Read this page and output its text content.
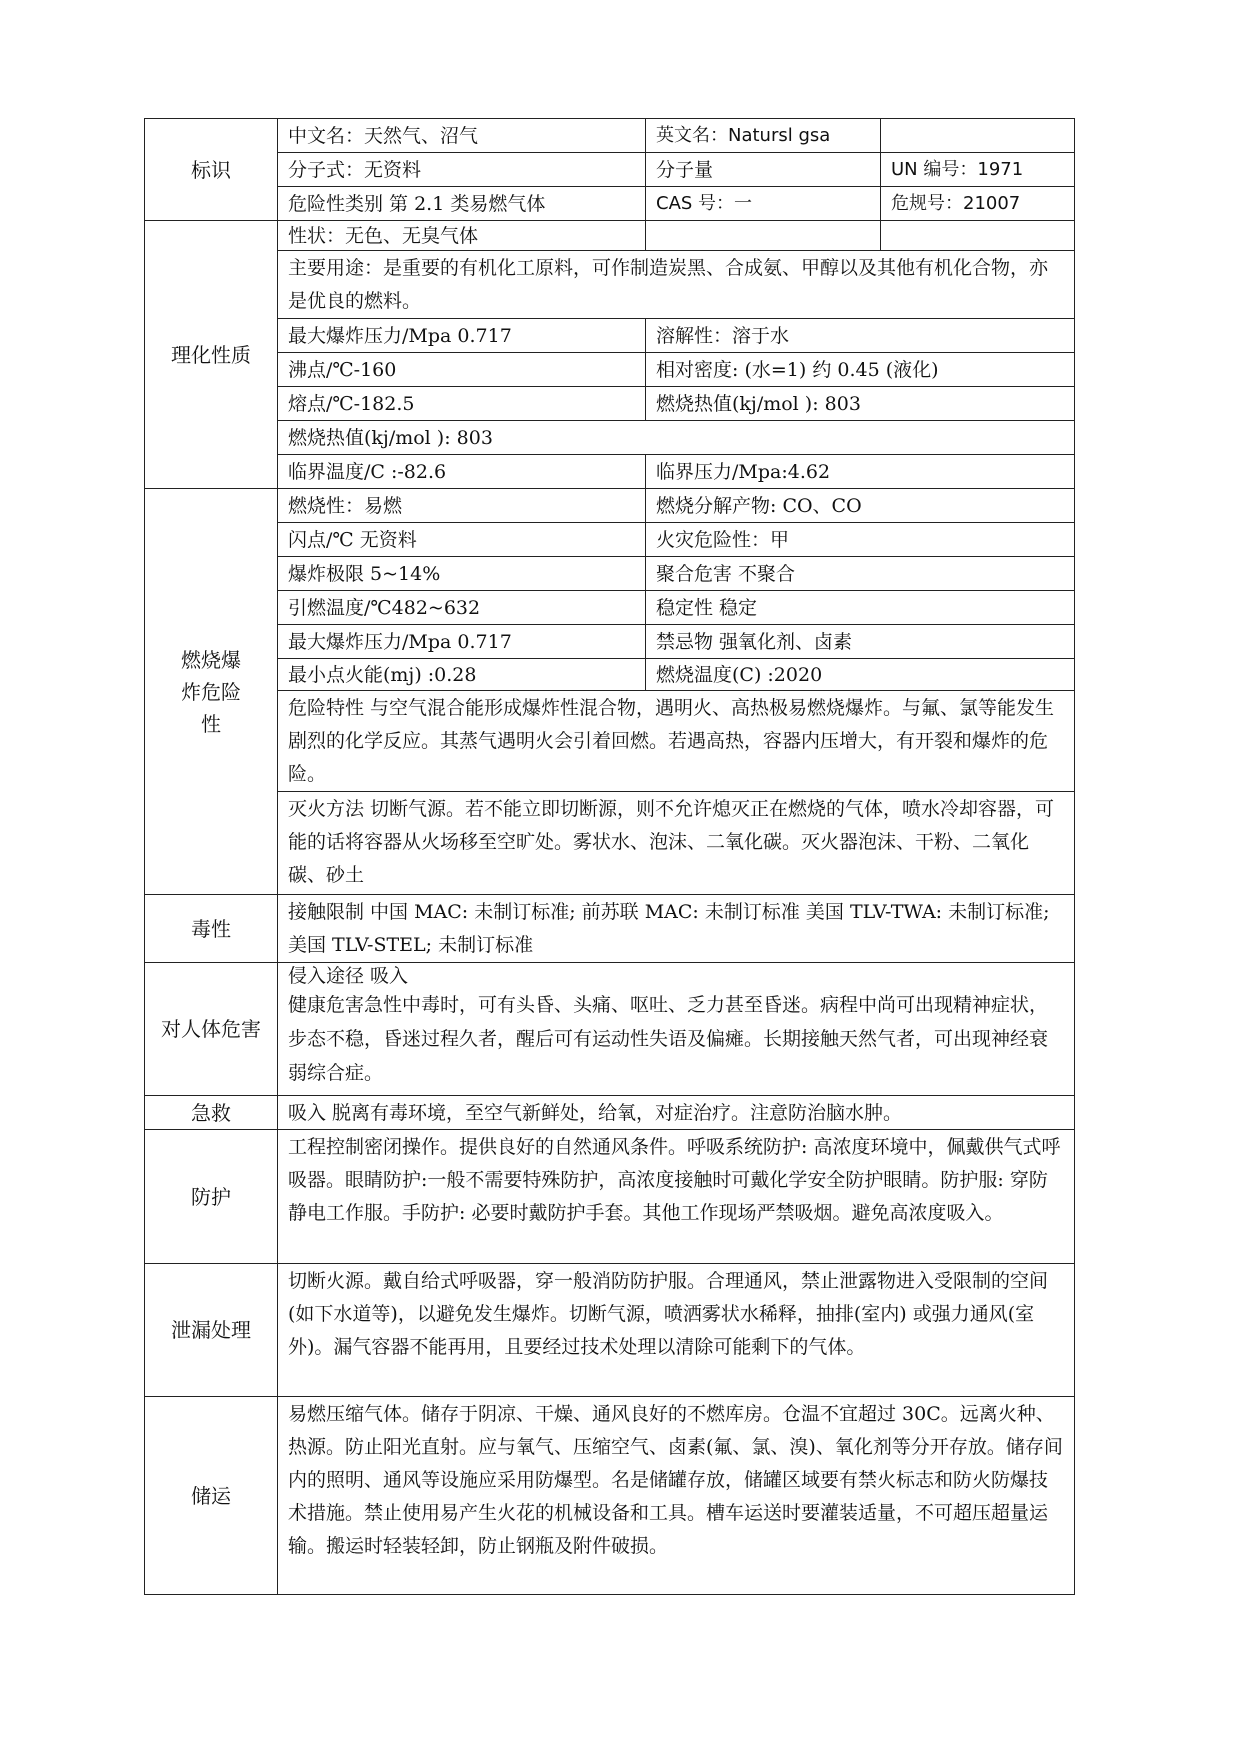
标识	中文名：天然气、沼气	英文名：Natursl gsa	
	分子式：无资料	分子量	UN 编号：1971
	危险性类别 第 2.1 类易燃气体	CAS 号：一	危规号：21007
理化性质	性状：无色、无臭气体		
	主要用途：是重要的有机化工原料，可作制造炭黑、合成氨、甲醇以及其他有机化合物，亦是优良的燃料。		
	最大爆炸压力/Mpa 0.717	溶解性：溶于水	
	沸点/℃-160	相对密度: (水=1) 约 0.45 (液化)	
	熔点/℃-182.5	燃烧热值(kj/mol ): 803	
	燃烧热值(kj/mol ): 803		
	临界温度/C :-82.6	临界压力/Mpa:4.62	

燃烧爆炸危险性	燃烧性：易燃	燃烧分解产物: CO、CO	
	闪点/℃ 无资料	火灾危险性：甲	
	爆炸极限 5~14%	聚合危害 不聚合	
	引燃温度/℃482~632	稳定性 稳定	
	最大爆炸压力/Mpa 0.717	禁忌物 强氧化剂、卤素	
	最小点火能(mj) :0.28	燃烧温度(C) :2020	
	危险特性 与空气混合能形成爆炸性混合物，遇明火、高热极易燃烧爆炸。与氟、氯等能发生剧烈的化学反应。其蒸气遇明火会引着回燃。若遇高热，容器内压增大，有开裂和爆炸的危险。		
	灭火方法 切断气源。若不能立即切断源，则不允许熄灭正在燃烧的气体，喷水冷却容器，可能的话将容器从火场移至空旷处。雾状水、泡沫、二氧化碳。灭火器泡沫、干粉、二氧化碳、砂土		
毒性	接触限制 中国 MAC: 未制订标准; 前苏联 MAC: 未制订标准 美国 TLV-TWA: 未制订标准;美国 TLV-STEL; 未制订标准		
对人体危害	侵入途径 吸入
健康危害急性中毒时，可有头昏、头痛、呕吐、乏力甚至昏迷。病程中尚可出现精神症状，步态不稳，昏迷过程久者，醒后可有运动性失语及偏瘫。长期接触天然气者，可出现神经衰弱综合症。		

急救	吸入 脱离有毒环境，至空气新鲜处，给氧，对症治疗。注意防治脑水肿。		
防护	工程控制密闭操作。提供良好的自然通风条件。呼吸系统防护: 高浓度环境中，佩戴供气式呼吸器。眼睛防护:一般不需要特殊防护，高浓度接触时可戴化学安全防护眼睛。防护服: 穿防静电工作服。手防护: 必要时戴防护手套。其他工作现场严禁吸烟。避免高浓度吸入。		
泄漏处理	切断火源。戴自给式呼吸器，穿一般消防防护服。合理通风，禁止泄露物进入受限制的空间(如下水道等)，以避免发生爆炸。切断气源，喷洒雾状水稀释，抽排(室内) 或强力通风(室外)。漏气容器不能再用，且要经过技术处理以清除可能剩下的气体。		
储运	易燃压缩气体。储存于阴凉、干燥、通风良好的不燃库房。仓温不宜超过 30C。远离火种、热源。防止阳光直射。应与氧气、压缩空气、卤素(氟、氯、溴)、氧化剂等分开存放。储存间内的照明、通风等设施应采用防爆型。名是储罐存放，储罐区域要有禁火标志和防火防爆技术措施。禁止使用易产生火花的机械设备和工具。槽车运送时要灌装适量，不可超压超量运输。搬运时轻装轻卸，防止钢瓶及附件破损。		
